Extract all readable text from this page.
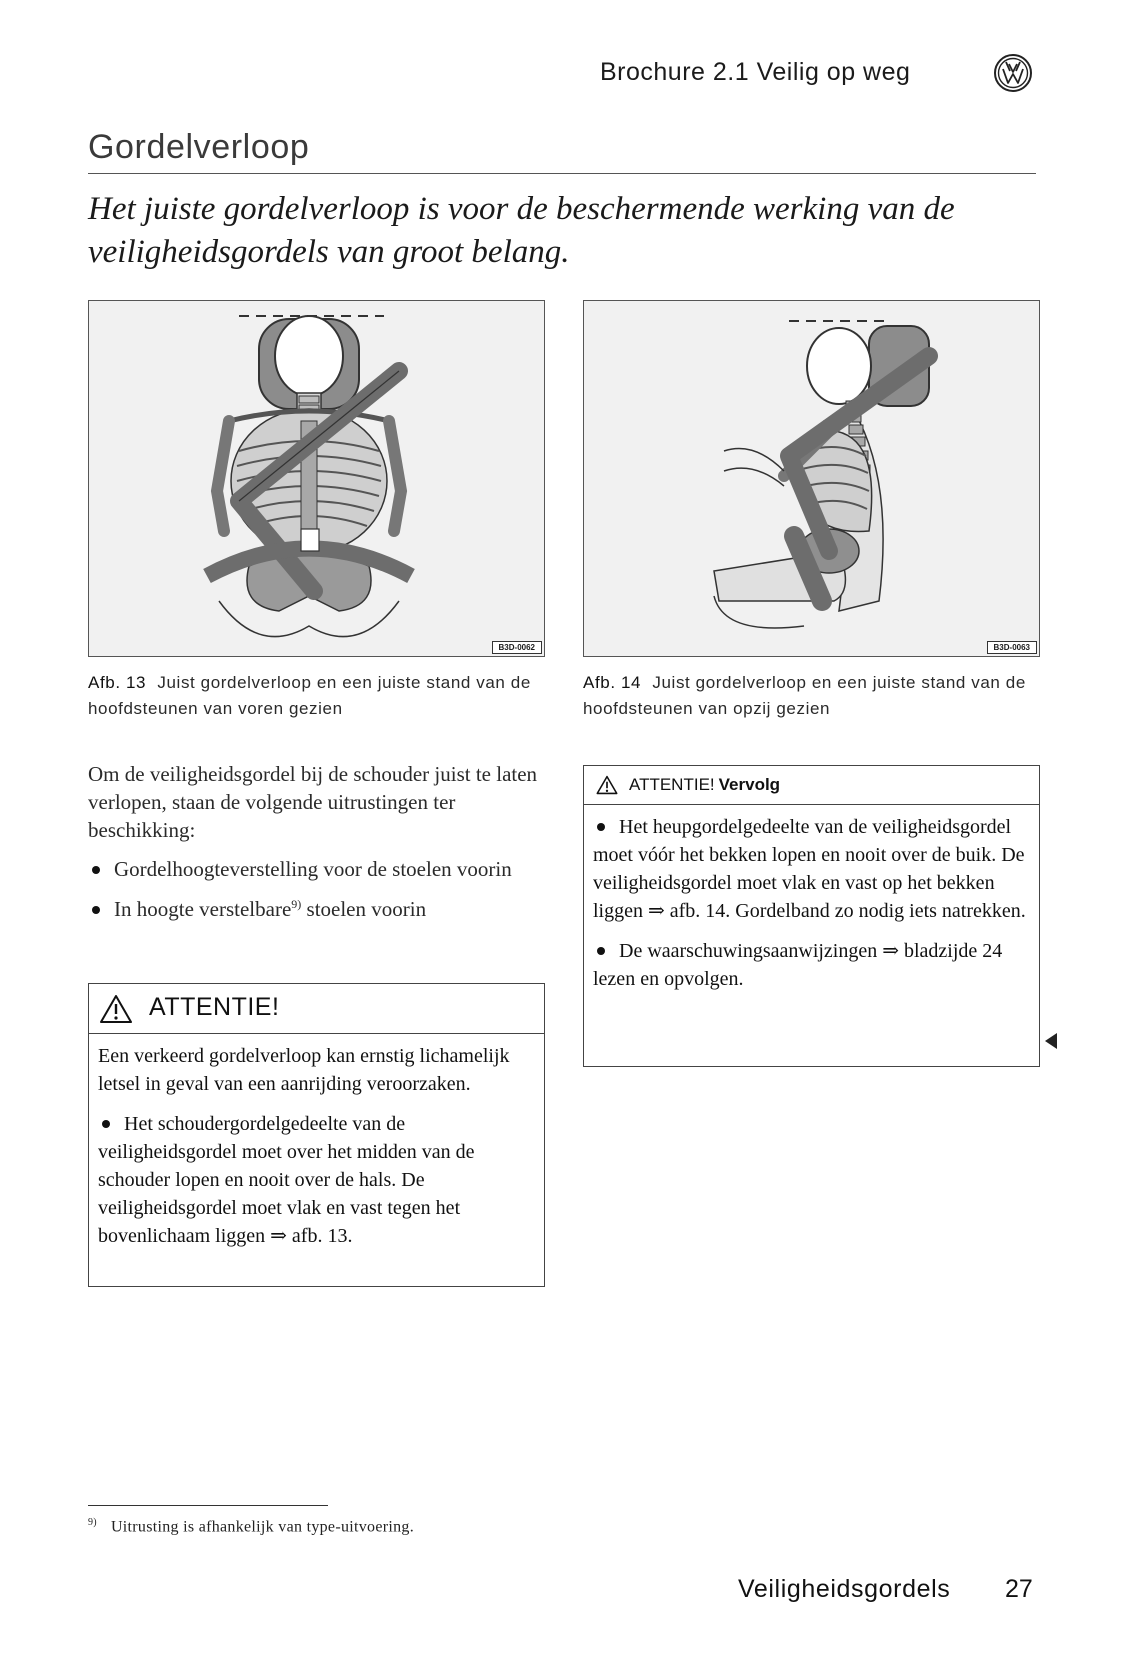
Brochure 2.1 Veilig op weg
Gordelverloop
Het juiste gordelverloop is voor de beschermende werking van de veiligheidsgordels van groot belang.
B3D-0062	B3D-0063
Afb. 13 Juist gordelverloop en een juiste stand van de hoofdsteunen van voren gezien
Afb. 14 Juist gordelverloop en een juiste stand van de hoofdsteunen van opzij gezien
Om de veiligheidsgordel bij de schouder juist te laten verlopen, staan de volgende uitrustingen ter beschikking:
Gordelhoogteverstelling voor de stoelen voorin
In hoogte verstelbare$^{9)}$ stoelen voorin
ATTENTIE!

Een verkeerd gordelverloop kan ernstig lichamelijk letsel in geval van een aanrijding veroorzaken.

Het schoudergordelgedeelte van de veiligheidsgordel moet over het midden van de schouder lopen en nooit over de hals. De veiligheidsgordel moet vlak en vast tegen het bovenlichaam liggen ⇒ afb. 13.

ATTENTIE! Vervolg

Het heupgordelgedeelte van de veiligheidsgordel moet vóór het bekken lopen en nooit over de buik. De veiligheidsgordel moet vlak en vast op het bekken liggen ⇒ afb. 14. Gordelband zo nodig iets natrekken.

De waarschuwingsaanwijzingen ⇒ bladzijde 24 lezen en opvolgen.

$^{9)}$ Uitrusting is afhankelijk van type-uitvoering.
Veiligheidsgordels 27
